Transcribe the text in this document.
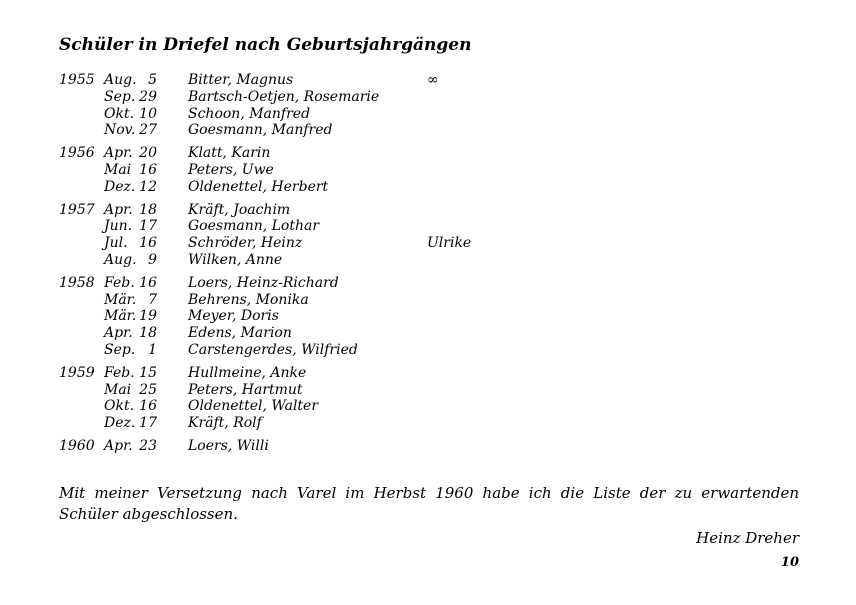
Schüler in Driefel nach Geburtsjahrgängen
1955 Aug. 5 Bitter, Magnus	∞
Sep. 29 Bartsch-Oetjen, Rosemarie
Okt. 10 Schoon, Manfred
Nov. 27 Goesmann, Manfred
1956 Apr. 20 Klatt, Karin
Mai 16 Peters, Uwe
Dez. 12 Oldenettel, Herbert
1957 Apr. 18 Kräft, Joachim
Jun. 17 Goesmann, Lothar
Jul. 16 Schröder, Heinz	Ulrike
Aug. 9 Wilken, Anne
1958 Feb. 16 Loers, Heinz-Richard
Mär. 7 Behrens, Monika
Mär. 19 Meyer, Doris
Apr. 18 Edens, Marion
Sep. 1 Carstengerdes, Wilfried
1959 Feb. 15 Hullmeine, Anke
Mai 25 Peters, Hartmut
Okt. 16 Oldenettel, Walter
Dez. 17 Kräft, Rolf
1960 Apr. 23 Loers, Willi
Mit meiner Versetzung nach Varel im Herbst 1960 habe ich die Liste der zu erwartenden Schüler abgeschlossen.
Heinz Dreher
10
